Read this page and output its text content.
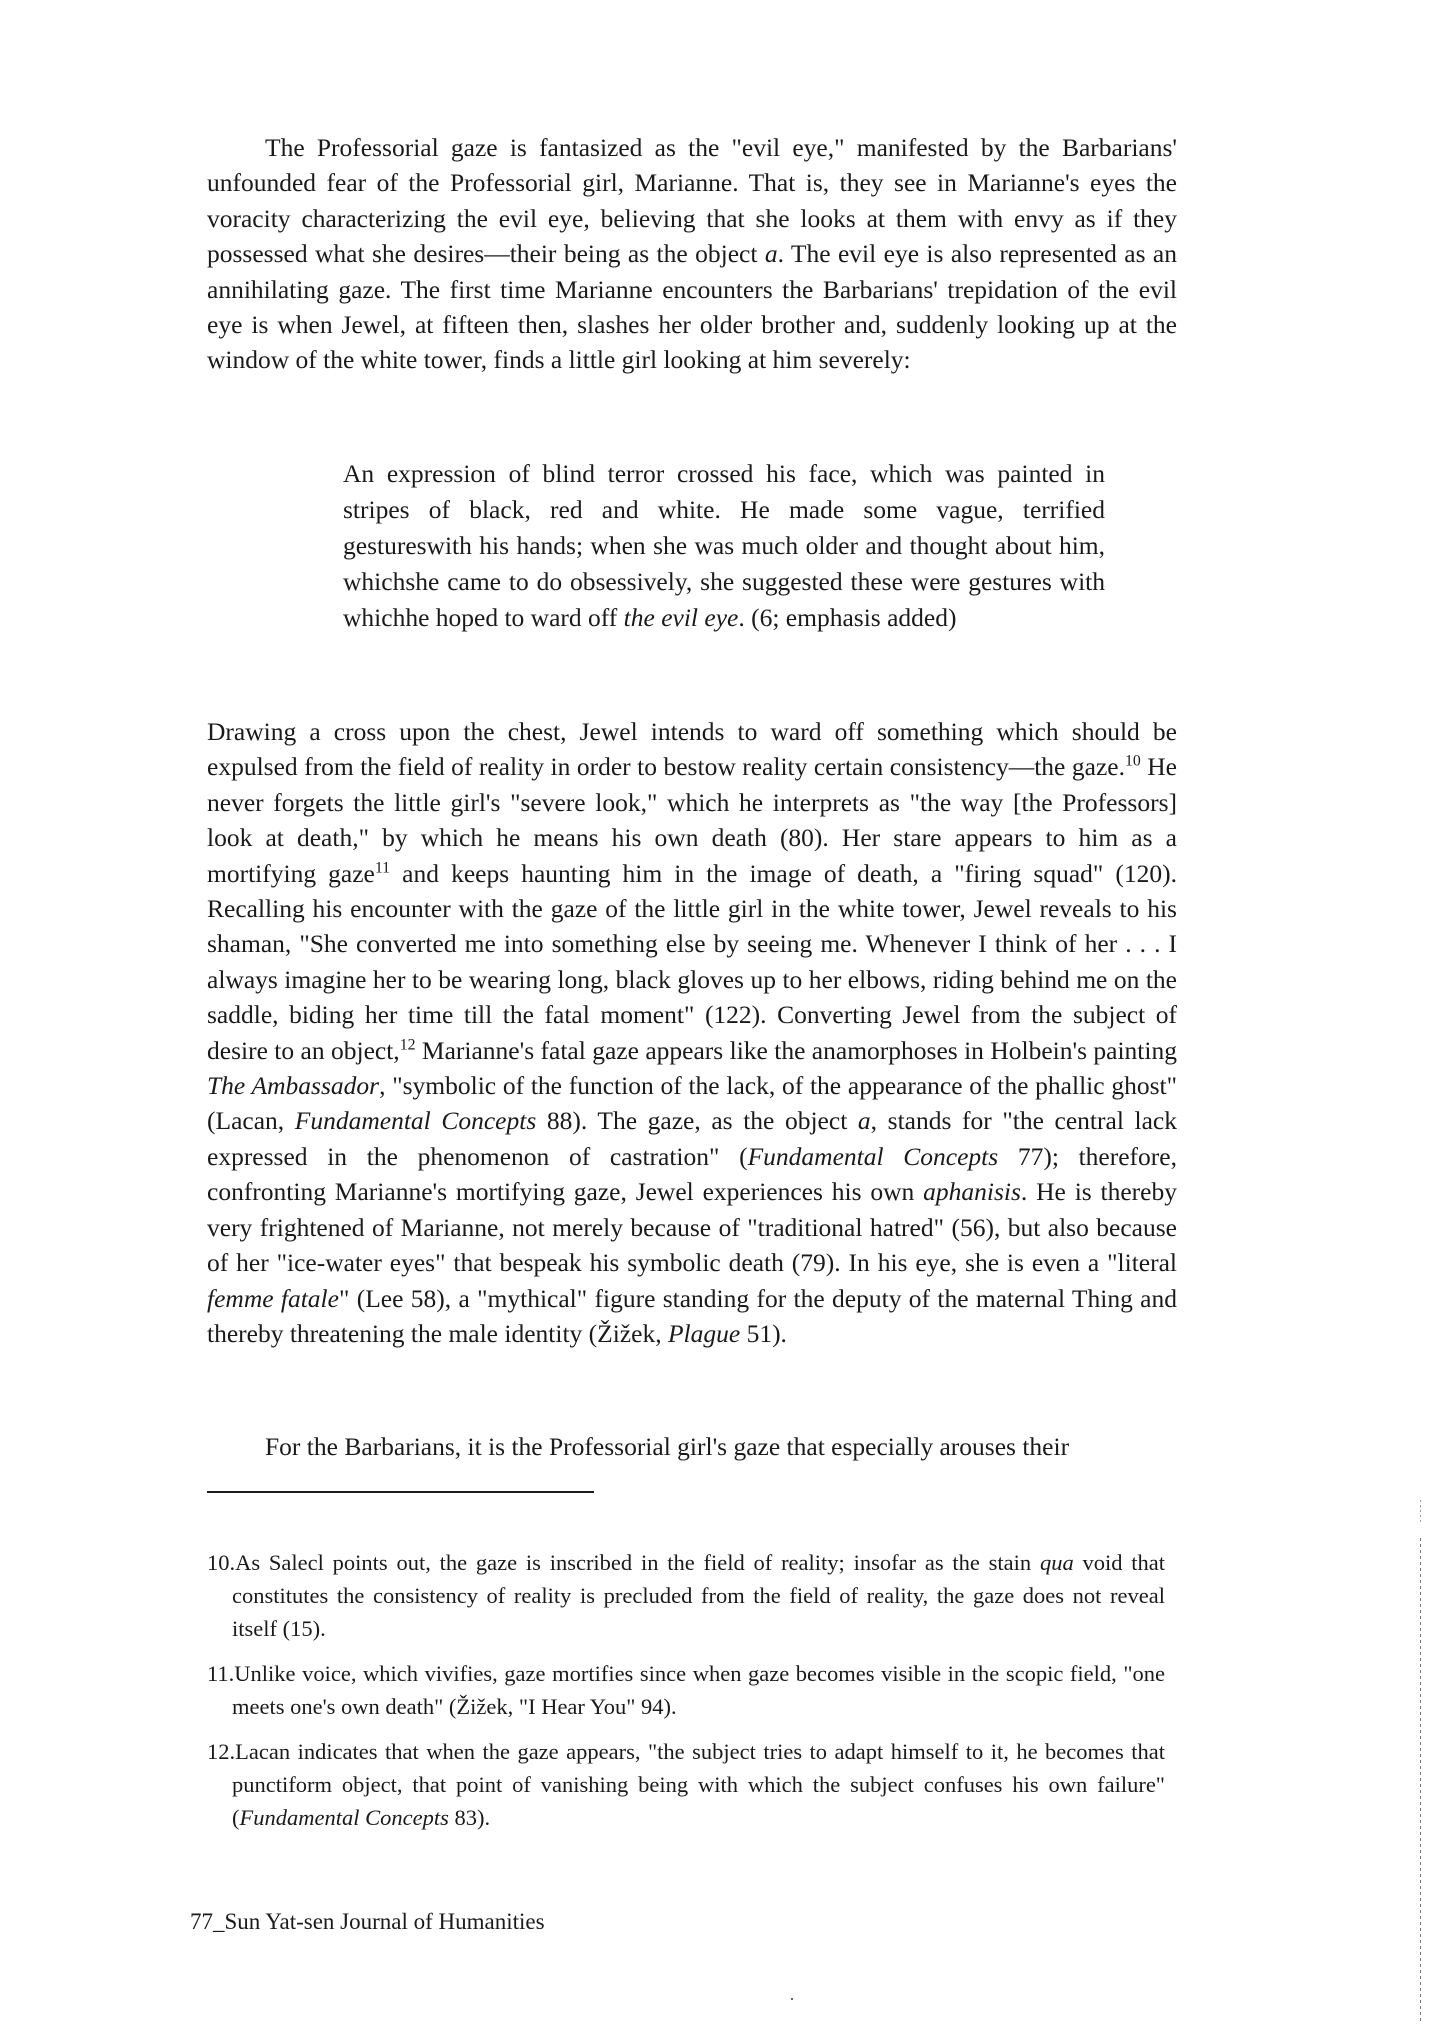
The Professorial gaze is fantasized as the "evil eye," manifested by the Barbarians' unfounded fear of the Professorial girl, Marianne. That is, they see in Marianne's eyes the voracity characterizing the evil eye, believing that she looks at them with envy as if they possessed what she desires—their being as the object a. The evil eye is also represented as an annihilating gaze. The first time Marianne encounters the Barbarians' trepidation of the evil eye is when Jewel, at fifteen then, slashes her older brother and, suddenly looking up at the window of the white tower, finds a little girl looking at him severely:
An expression of blind terror crossed his face, which was painted in stripes of black, red and white. He made some vague, terrified gestureswith his hands; when she was much older and thought about him, whichshe came to do obsessively, she suggested these were gestures with whichhe hoped to ward off the evil eye. (6; emphasis added)
Drawing a cross upon the chest, Jewel intends to ward off something which should be expulsed from the field of reality in order to bestow reality certain consistency—the gaze.$^{10}$ He never forgets the little girl's "severe look," which he interprets as "the way [the Professors] look at death," by which he means his own death (80). Her stare appears to him as a mortifying gaze$^{11}$ and keeps haunting him in the image of death, a "firing squad" (120). Recalling his encounter with the gaze of the little girl in the white tower, Jewel reveals to his shaman, "She converted me into something else by seeing me. Whenever I think of her . . . I always imagine her to be wearing long, black gloves up to her elbows, riding behind me on the saddle, biding her time till the fatal moment" (122). Converting Jewel from the subject of desire to an object,$^{12}$ Marianne's fatal gaze appears like the anamorphoses in Holbein's painting The Ambassador, "symbolic of the function of the lack, of the appearance of the phallic ghost" (Lacan, Fundamental Concepts 88). The gaze, as the object a, stands for "the central lack expressed in the phenomenon of castration" (Fundamental Concepts 77); therefore, confronting Marianne's mortifying gaze, Jewel experiences his own aphanisis. He is thereby very frightened of Marianne, not merely because of "traditional hatred" (56), but also because of her "ice-water eyes" that bespeak his symbolic death (79). In his eye, she is even a "literal femme fatale" (Lee 58), a "mythical" figure standing for the deputy of the maternal Thing and thereby threatening the male identity (Žižek, Plague 51).
For the Barbarians, it is the Professorial girl's gaze that especially arouses their
10.As Salecl points out, the gaze is inscribed in the field of reality; insofar as the stain qua void that constitutes the consistency of reality is precluded from the field of reality, the gaze does not reveal itself (15).
11.Unlike voice, which vivifies, gaze mortifies since when gaze becomes visible in the scopic field, "one meets one's own death" (Žižek, "I Hear You" 94).
12.Lacan indicates that when the gaze appears, "the subject tries to adapt himself to it, he becomes that punctiform object, that point of vanishing being with which the subject confuses his own failure" (Fundamental Concepts 83).
77_Sun Yat-sen Journal of Humanities
